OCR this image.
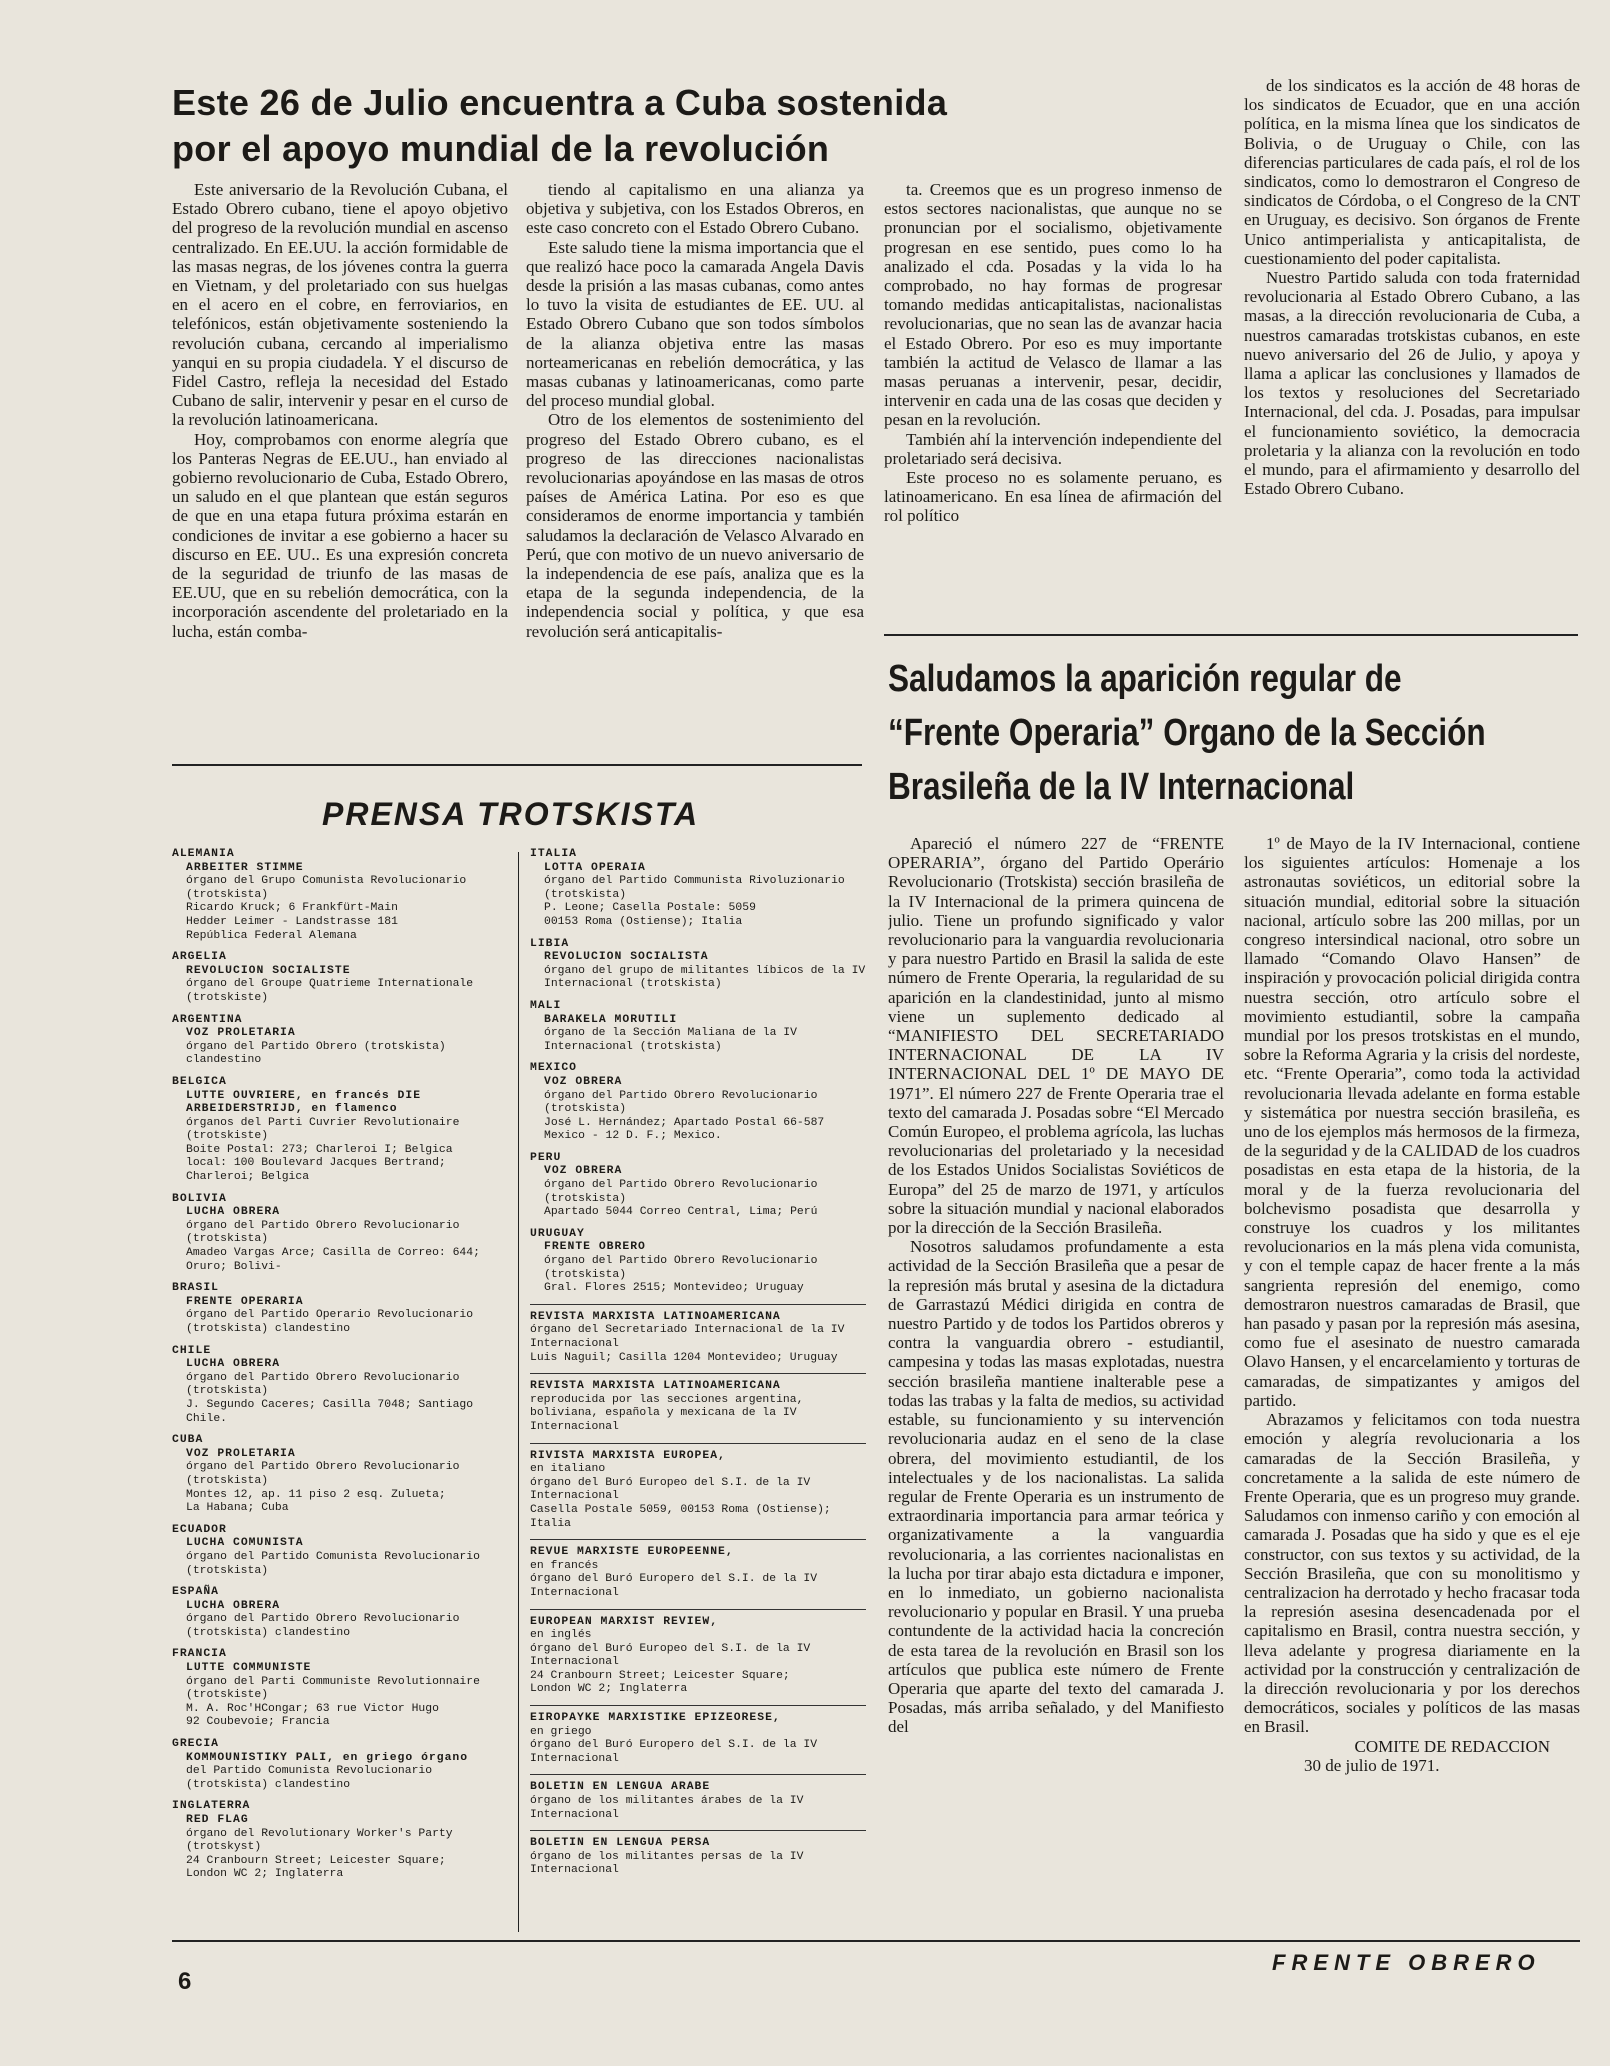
Este 26 de Julio encuentra a Cuba sostenida
por el apoyo mundial de la revolución

Este aniversario de la Revolución Cubana, el Estado Obrero cubano, tiene el apoyo objetivo del progreso de la revolución mundial en ascenso centralizado. En EE.UU. la acción formidable de las masas negras, de los jóvenes contra la guerra en Vietnam, y del proletariado con sus huelgas en el acero en el cobre, en ferroviarios, en telefónicos, están objetivamente sosteniendo la revolución cubana, cercando al imperialismo yanqui en su propia ciudadela. Y el discurso de Fidel Castro, refleja la necesidad del Estado Cubano de salir, intervenir y pesar en el curso de la revolución latinoamericana.

Hoy, comprobamos con enorme alegría que los Panteras Negras de EE.UU., han enviado al gobierno revolucionario de Cuba, Estado Obrero, un saludo en el que plantean que están seguros de que en una etapa futura próxima estarán en condiciones de invitar a ese gobierno a hacer su discurso en EE. UU.. Es una expresión concreta de la seguridad de triunfo de las masas de EE.UU, que en su rebelión democrática, con la incorporación ascendente del proletariado en la lucha, están comba-

tiendo al capitalismo en una alianza ya objetiva y subjetiva, con los Estados Obreros, en este caso concreto con el Estado Obrero Cubano.

Este saludo tiene la misma importancia que el que realizó hace poco la camarada Angela Davis desde la prisión a las masas cubanas, como antes lo tuvo la visita de estudiantes de EE. UU. al Estado Obrero Cubano que son todos símbolos de la alianza objetiva entre las masas norteamericanas en rebelión democrática, y las masas cubanas y latinoamericanas, como parte del proceso mundial global.

Otro de los elementos de sostenimiento del progreso del Estado Obrero cubano, es el progreso de las direcciones nacionalistas revolucionarias apoyándose en las masas de otros países de América Latina. Por eso es que consideramos de enorme importancia y también saludamos la declaración de Velasco Alvarado en Perú, que con motivo de un nuevo aniversario de la independencia de ese país, analiza que es la etapa de la segunda independencia, de la independencia social y política, y que esa revolución será anticapitalis-

ta. Creemos que es un progreso inmenso de estos sectores nacionalistas, que aunque no se pronuncian por el socialismo, objetivamente progresan en ese sentido, pues como lo ha analizado el cda. Posadas y la vida lo ha comprobado, no hay formas de progresar tomando medidas anticapitalistas, nacionalistas revolucionarias, que no sean las de avanzar hacia el Estado Obrero. Por eso es muy importante también la actitud de Velasco de llamar a las masas peruanas a intervenir, pesar, decidir, intervenir en cada una de las cosas que deciden y pesan en la revolución.

También ahí la intervención independiente del proletariado será decisiva.

Este proceso no es solamente peruano, es latinoamericano. En esa línea de afirmación del rol político

de los sindicatos es la acción de 48 horas de los sindicatos de Ecuador, que en una acción política, en la misma línea que los sindicatos de Bolivia, o de Uruguay o Chile, con las diferencias particulares de cada país, el rol de los sindicatos, como lo demostraron el Congreso de sindicatos de Córdoba, o el Congreso de la CNT en Uruguay, es decisivo. Son órganos de Frente Unico antimperialista y anticapitalista, de cuestionamiento del poder capitalista.

Nuestro Partido saluda con toda fraternidad revolucionaria al Estado Obrero Cubano, a las masas, a la dirección revolucionaria de Cuba, a nuestros camaradas trotskistas cubanos, en este nuevo aniversario del 26 de Julio, y apoya y llama a aplicar las conclusiones y llamados de los textos y resoluciones del Secretariado Internacional, del cda. J. Posadas, para impulsar el funcionamiento soviético, la democracia proletaria y la alianza con la revolución en todo el mundo, para el afirmamiento y desarrollo del Estado Obrero Cubano.

PRENSA TROTSKISTA
ALEMANIA
ARBEITER STIMME
órgano del Grupo Comunista Revolucionario (trotskista)
Ricardo Kruck; 6 Frankfürt-Main
Hedder Leimer - Landstrasse 181
República Federal Alemana
ARGELIA
REVOLUCION SOCIALISTE
órgano del Groupe Quatrieme Internationale (trotskiste)
ARGENTINA
VOZ PROLETARIA
órgano del Partido Obrero (trotskista) clandestino
BELGICA
LUTTE OUVRIERE, en francés DIE ARBEIDERSTRIJD, en flamenco
órganos del Parti Cuvrier Revolutionaire (trotskiste)
Boite Postal: 273; Charleroi I; Belgica
local: 100 Boulevard Jacques Bertrand; Charleroi; Belgica
BOLIVIA
LUCHA OBRERA
órgano del Partido Obrero Revolucionario (trotskista)
Amadeo Vargas Arce; Casilla de Correo: 644; Oruro; Bolivi-
BRASIL
FRENTE OPERARIA
órgano del Partido Operario Revolucionario (trotskista) clandestino
CHILE
LUCHA OBRERA
órgano del Partido Obrero Revolucionario (trotskista)
J. Segundo Caceres; Casilla 7048; Santiago Chile.
CUBA
VOZ PROLETARIA
órgano del Partido Obrero Revolucionario (trotskista)
Montes 12, ap. 11 piso 2 esq. Zulueta;
La Habana; Cuba
ECUADOR
LUCHA COMUNISTA
órgano del Partido Comunista Revolucionario (trotskista)
ESPAÑA
LUCHA OBRERA
órgano del Partido Obrero Revolucionario (trotskista) clandestino
FRANCIA
LUTTE COMMUNISTE
órgano del Parti Communiste Revolutionnaire (trotskiste)
M. A. Roc'HCongar; 63 rue Victor Hugo
92 Coubevoie; Francia
GRECIA
KOMMOUNISTIKY PALI, en griego órgano
del Partido Comunista Revolucionario (trotskista) clandestino
INGLATERRA
RED FLAG
órgano del Revolutionary Worker's Party (trotskyst)
24 Cranbourn Street; Leicester Square;
London WC 2; Inglaterra
ITALIA
LOTTA OPERAIA
órgano del Partido Communista Rivoluzionario (trotskista)
P. Leone; Casella Postale: 5059
00153 Roma (Ostiense); Italia
LIBIA
REVOLUCION SOCIALISTA
órgano del grupo de militantes líbicos de la IV Internacional (trotskista)
MALI
BARAKELA MORUTILI
órgano de la Sección Maliana de la IV Internacional (trotskista)
MEXICO
VOZ OBRERA
órgano del Partido Obrero Revolucionario (trotskista)
José L. Hernández; Apartado Postal 66-587
Mexico - 12 D. F.; Mexico.
PERU
VOZ OBRERA
órgano del Partido Obrero Revolucionario (trotskista)
Apartado 5044 Correo Central, Lima; Perú
URUGUAY
FRENTE OBRERO
órgano del Partido Obrero Revolucionario (trotskista)
Gral. Flores 2515; Montevideo; Uruguay
REVISTA MARXISTA LATINOAMERICANA
órgano del Secretariado Internacional de la IV Internacional
Luis Naguil; Casilla 1204 Montevideo; Uruguay
REVISTA MARXISTA LATINOAMERICANA
reproducida por las secciones argentina, boliviana, española y mexicana de la IV Internacional
RIVISTA MARXISTA EUROPEA,
en italiano
órgano del Buró Europeo del S.I. de la IV Internacional
Casella Postale 5059, 00153 Roma (Ostiense); Italia
REVUE MARXISTE EUROPEENNE,
en francés
órgano del Buró Europero del S.I. de la IV Internacional
EUROPEAN MARXIST REVIEW,
en inglés
órgano del Buró Europeo del S.I. de la IV Internacional
24 Cranbourn Street; Leicester Square;
London WC 2; Inglaterra
EIROPAYKE MARXISTIKE EPIZEORESE,
en griego
órgano del Buró Europero del S.I. de la IV Internacional
BOLETIN EN LENGUA ARABE
órgano de los militantes árabes de la IV Internacional
BOLETIN EN LENGUA PERSA
órgano de los militantes persas de la IV Internacional
Saludamos la aparición regular de
“Frente Operaria” Organo de la Sección
Brasileña de la IV Internacional

Apareció el número 227 de “FRENTE OPERARIA”, órgano del Partido Operário Revolucionario (Trotskista) sección brasileña de la IV Internacional de la primera quincena de julio. Tiene un profundo significado y valor revolucionario para la vanguardia revolucionaria y para nuestro Partido en Brasil la salida de este número de Frente Operaria, la regularidad de su aparición en la clandestinidad, junto al mismo viene un suplemento dedicado al “MANIFIESTO DEL SECRETARIADO INTERNACIONAL DE LA IV INTERNACIONAL DEL 1º DE MAYO DE 1971”. El número 227 de Frente Operaria trae el texto del camarada J. Posadas sobre “El Mercado Común Europeo, el problema agrícola, las luchas revolucionarias del proletariado y la necesidad de los Estados Unidos Socialistas Soviéticos de Europa” del 25 de marzo de 1971, y artículos sobre la situación mundial y nacional elaborados por la dirección de la Sección Brasileña.

Nosotros saludamos profundamente a esta actividad de la Sección Brasileña que a pesar de la represión más brutal y asesina de la dictadura de Garrastazú Médici dirigida en contra de nuestro Partido y de todos los Partidos obreros y contra la vanguardia obrero - estudiantil, campesina y todas las masas explotadas, nuestra sección brasileña mantiene inalterable pese a todas las trabas y la falta de medios, su actividad estable, su funcionamiento y su intervención revolucionaria audaz en el seno de la clase obrera, del movimiento estudiantil, de los intelectuales y de los nacionalistas. La salida regular de Frente Operaria es un instrumento de extraordinaria importancia para armar teórica y organizativamente a la vanguardia revolucionaria, a las corrientes nacionalistas en la lucha por tirar abajo esta dictadura e imponer, en lo inmediato, un gobierno nacionalista revolucionario y popular en Brasil. Y una prueba contundente de la actividad hacia la concreción de esta tarea de la revolución en Brasil son los artículos que publica este número de Frente Operaria que aparte del texto del camarada J. Posadas, más arriba señalado, y del Manifiesto del

1º de Mayo de la IV Internacional, contiene los siguientes artículos: Homenaje a los astronautas soviéticos, un editorial sobre la situación mundial, editorial sobre la situación nacional, artículo sobre las 200 millas, por un congreso intersindical nacional, otro sobre un llamado “Comando Olavo Hansen” de inspiración y provocación policial dirigida contra nuestra sección, otro artículo sobre el movimiento estudiantil, sobre la campaña mundial por los presos trotskistas en el mundo, sobre la Reforma Agraria y la crisis del nordeste, etc. “Frente Operaria”, como toda la actividad revolucionaria llevada adelante en forma estable y sistemática por nuestra sección brasileña, es uno de los ejemplos más hermosos de la firmeza, de la seguridad y de la CALIDAD de los cuadros posadistas en esta etapa de la historia, de la moral y de la fuerza revolucionaria del bolchevismo posadista que desarrolla y construye los cuadros y los militantes revolucionarios en la más plena vida comunista, y con el temple capaz de hacer frente a la más sangrienta represión del enemigo, como demostraron nuestros camaradas de Brasil, que han pasado y pasan por la represión más asesina, como fue el asesinato de nuestro camarada Olavo Hansen, y el encarcelamiento y torturas de camaradas, de simpatizantes y amigos del partido.

Abrazamos y felicitamos con toda nuestra emoción y alegría revolucionaria a los camaradas de la Sección Brasileña, y concretamente a la salida de este número de Frente Operaria, que es un progreso muy grande. Saludamos con inmenso cariño y con emoción al camarada J. Posadas que ha sido y que es el eje constructor, con sus textos y su actividad, de la Sección Brasileña, que con su monolitismo y centralizacion ha derrotado y hecho fracasar toda la represión asesina desencadenada por el capitalismo en Brasil, contra nuestra sección, y lleva adelante y progresa diariamente en la actividad por la construcción y centralización de la dirección revolucionaria y por los derechos democráticos, sociales y políticos de las masas en Brasil.

COMITE DE REDACCION

30 de julio de 1971.

6
FRENTE OBRERO
